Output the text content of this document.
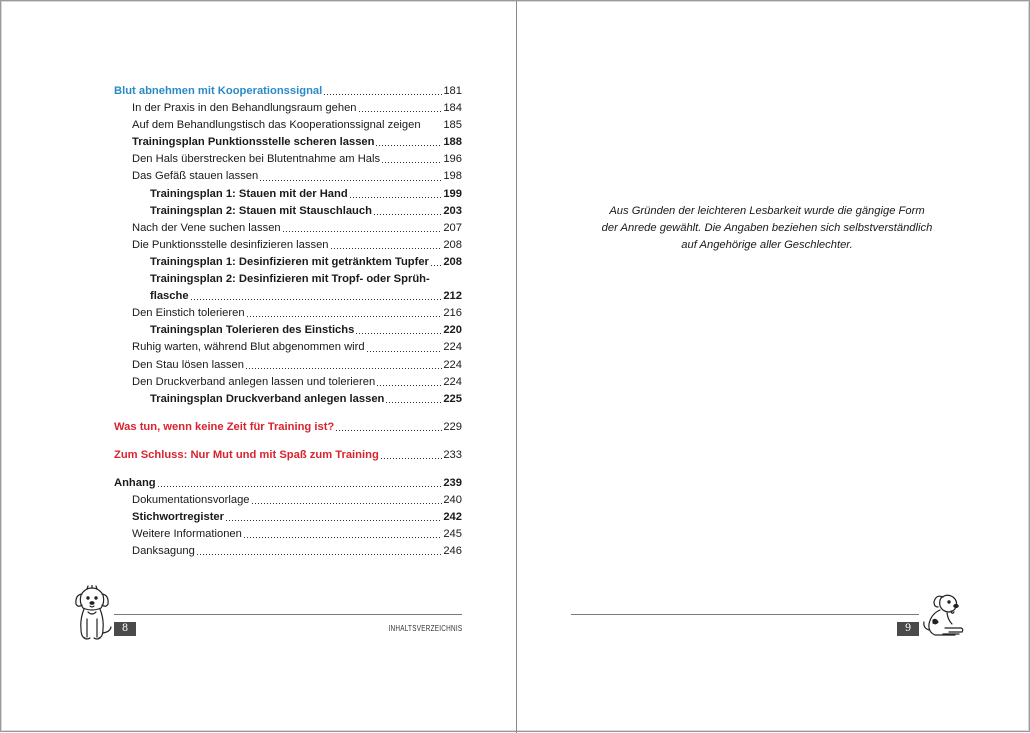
Blut abnehmen mit Kooperationssignal	181
In der Praxis in den Behandlungsraum gehen	184
Auf dem Behandlungstisch das Kooperationssignal zeigen 185
Trainingsplan Punktionsstelle scheren lassen	188
Den Hals überstrecken bei Blutentnahme am Hals	196
Das Gefäß stauen lassen	198
Trainingsplan 1: Stauen mit der Hand	199
Trainingsplan 2: Stauen mit Stauschlauch	203
Nach der Vene suchen lassen	207
Die Punktionsstelle desinfizieren lassen	208
Trainingsplan 1: Desinfizieren mit getränktem Tupfer 208
Trainingsplan 2: Desinfizieren mit Tropf- oder Sprüh-
flasche	212
Den Einstich tolerieren	216
Trainingsplan Tolerieren des Einstichs	220
Ruhig warten, während Blut abgenommen wird	224
Den Stau lösen lassen	224
Den Druckverband anlegen lassen und tolerieren	224
Trainingsplan Druckverband anlegen lassen	225
Was tun, wenn keine Zeit für Training ist?	229
Zum Schluss: Nur Mut und mit Spaß zum Training	233
Anhang	239
Dokumentationsvorlage	240
Stichwortregister	242
Weitere Informationen	245
Danksagung	246
8	INHALTSVERZEICHNIS
Aus Gründen der leichteren Lesbarkeit wurde die gängige Form
der Anrede gewählt. Die Angaben beziehen sich selbstverständlich
auf Angehörige aller Geschlechter.
9
